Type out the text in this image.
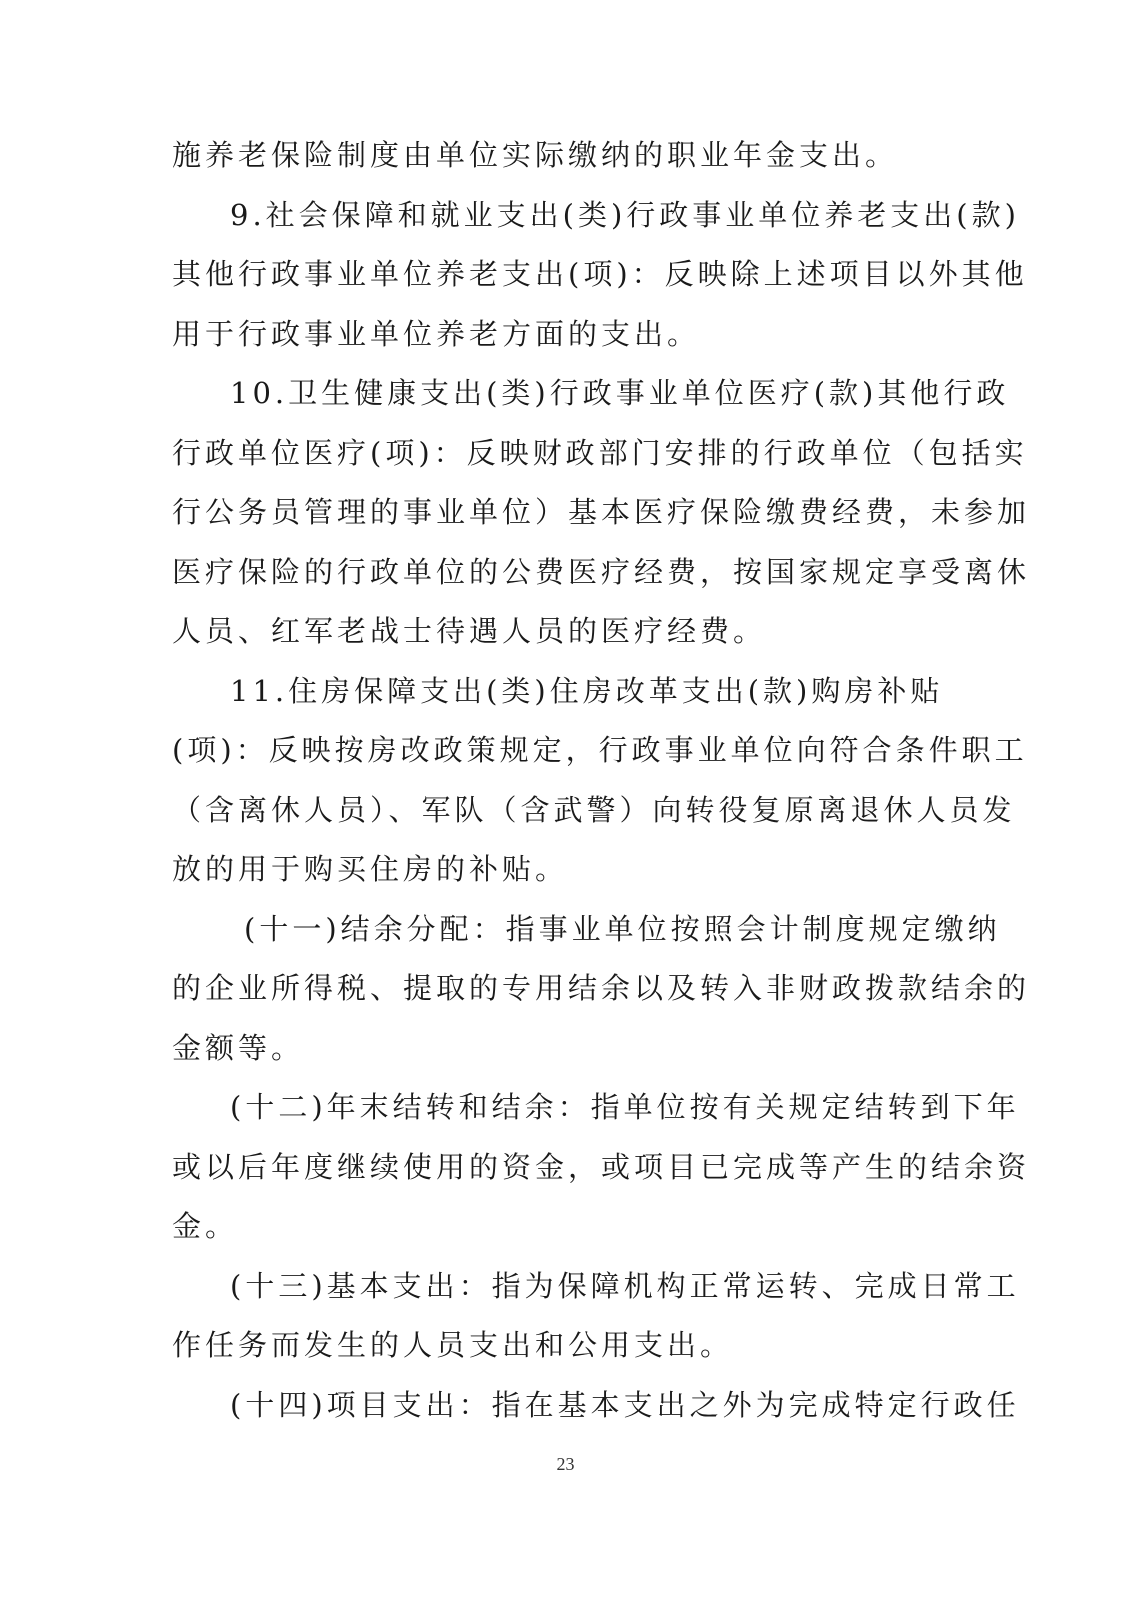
施养老保险制度由单位实际缴纳的职业年金支出。
9.社会保障和就业支出(类)行政事业单位养老支出(款)
其他行政事业单位养老支出(项)：反映除上述项目以外其他
用于行政事业单位养老方面的支出。
10.卫生健康支出(类)行政事业单位医疗(款)其他行政
行政单位医疗(项)：反映财政部门安排的行政单位（包括实
行公务员管理的事业单位）基本医疗保险缴费经费，未参加
医疗保险的行政单位的公费医疗经费，按国家规定享受离休
人员、红军老战士待遇人员的医疗经费。
11.住房保障支出(类)住房改革支出(款)购房补贴
(项)：反映按房改政策规定，行政事业单位向符合条件职工
（含离休人员）、军队（含武警）向转役复原离退休人员发
放的用于购买住房的补贴。
(十一)结余分配：指事业单位按照会计制度规定缴纳
的企业所得税、提取的专用结余以及转入非财政拨款结余的
金额等。
(十二)年末结转和结余：指单位按有关规定结转到下年
或以后年度继续使用的资金，或项目已完成等产生的结余资
金。
(十三)基本支出：指为保障机构正常运转、完成日常工
作任务而发生的人员支出和公用支出。
(十四)项目支出：指在基本支出之外为完成特定行政任
23
